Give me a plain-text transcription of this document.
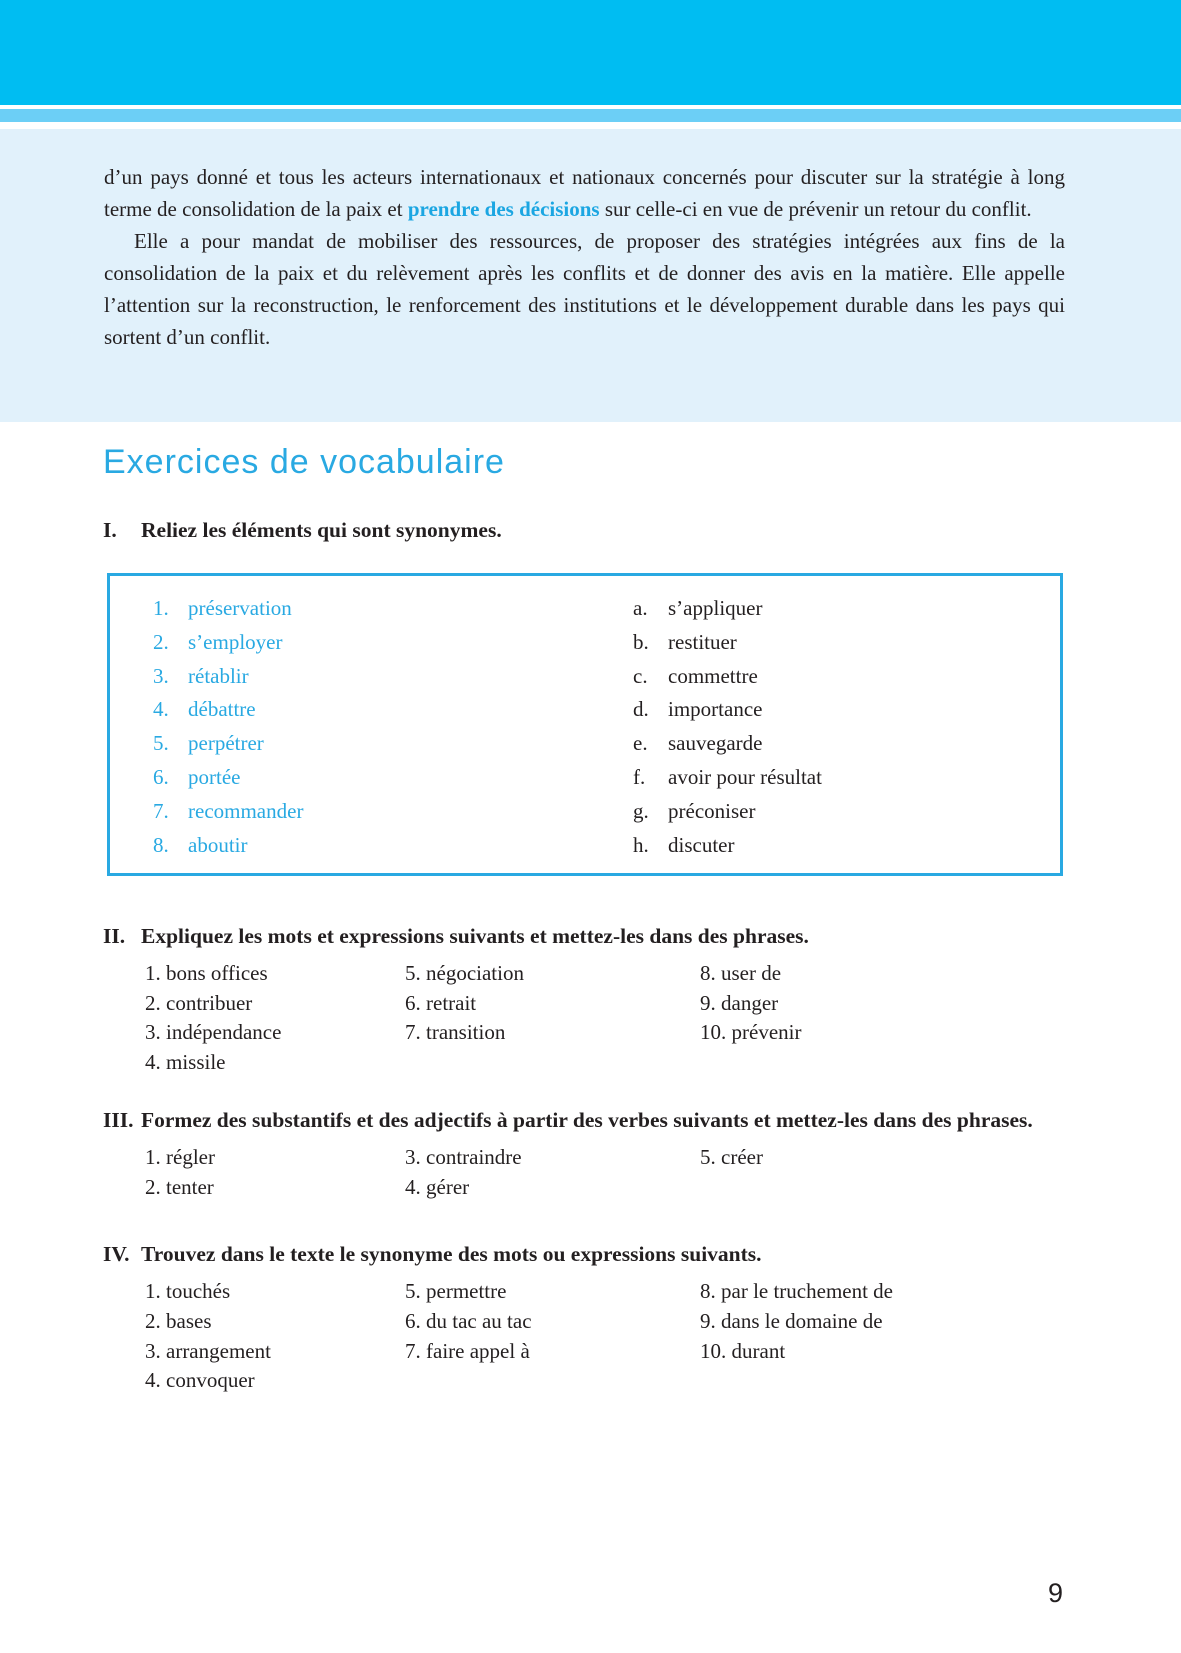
d’un pays donné et tous les acteurs internationaux et nationaux concernés pour discuter sur la stratégie à long terme de consolidation de la paix et prendre des décisions sur celle-ci en vue de prévenir un retour du conflit.

Elle a pour mandat de mobiliser des ressources, de proposer des stratégies intégrées aux fins de la consolidation de la paix et du relèvement après les conflits et de donner des avis en la matière. Elle appelle l’attention sur la reconstruction, le renforcement des institutions et le développement durable dans les pays qui sortent d’un conflit.

Exercices de vocabulaire
I.	Reliez les éléments qui sont synonymes.
1. préservation
2. s’employer
3. rétablir
4. débattre
5. perpétrer
6. portée
7. recommander
8. aboutir
a. s’appliquer
b. restituer
c. commettre
d. importance
e. sauvegarde
f.	avoir pour résultat
g. préconiser
h. discuter
II. Expliquez les mots et expressions suivants et mettez-les dans des phrases.
1. bons offices
2. contribuer
3. indépendance
4. missile
5. négociation
6. retrait
7. transition
8. user de
9. danger
10. prévenir
III. Formez des substantifs et des adjectifs à partir des verbes suivants et mettez-les dans des phrases.
1. régler
2. tenter
3. contraindre
4. gérer
5. créer
IV. Trouvez dans le texte le synonyme des mots ou expressions suivants.
1. touchés
2. bases
3. arrangement
4. convoquer
5. permettre
6. du tac au tac
7. faire appel à
8. par le truchement de
9. dans le domaine de
10. durant
9
